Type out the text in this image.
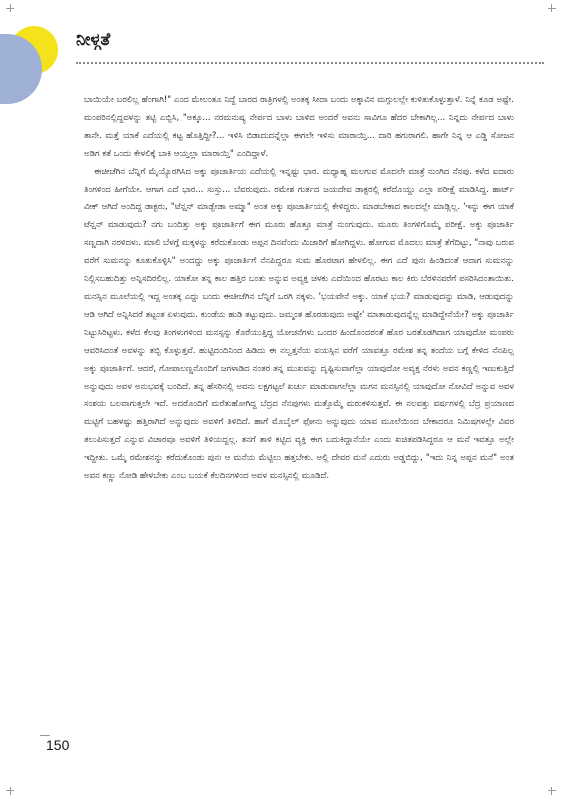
ನೀಳ್ಗತೆ

ಬಾಯಿಯೇ ಬರಲಿಲ್ಲ ಹೆಂಗಾಗಿ!" ಎಂದ ಮೇಲಂತೂ ನಿದ್ದೆ ಬಾರದ ರಾತ್ರಿಗಳಲ್ಲಿ ಅಂತಕ್ಕ ಸೀದಾ ಬಂದು ಅಕ್ಕಾವಿನ ಮಗ್ಗುಲಲ್ಲೇ ಕುಳಿತುಕೊಳ್ಳುತ್ತಾಳೆ. ನಿನ್ನೆ ಕೂಡ ಅಷ್ಟೇ. ಮಂಪರಿನಲ್ಲಿದ್ದವಳನ್ನು ತಟ್ಟಿ ಎಬ್ಬಿಸಿ, "ಅಕ್ಕೂ... ನರಮನುಷ್ಯ ನೇರ್ಪದ ಬಾಳು ಬಾಳಿದ ಅಂದರೆ ಅವನು ಸಾವಿಗೂ ಹೆದರ ಬೇಕಾಗಿಲ್ಲ... ನಿನ್ನದು ನೇರ್ಪದ ಬಾಳು ತಾನೇ. ಮತ್ತೆ ಯಾಕೆ ಎದೆಯಲ್ಲಿ ಕಟ್ಟ ಹೊತ್ತಿದ್ದೀ?... ಇಳಿಸಿ ಬಿಡಾದುದನ್ನೆಲ್ಲಾ ಈಗಲೇ ಇಳಿಸು ಮಾರಾಯ್ತಿ... ದಾರಿ ಹಗುರಾಗಲಿ. ಹಾಗೇ ನಿನ್ನ ಆ ಎಡ್ಡಿ ಸೋಜನ ಅಡಿಗ ಕತೆ ಒಂದು ಕೇಳಲಿಕ್ಕೆ ಬಾಕಿ ಆಯ್ತಲ್ಲಾ ಮಾರಾಯ್ತಿ" ಎಂದಿದ್ದಾಳೆ.

ಈಚೀಚೆಗಿನ ಬೆನ್ನಿಗೆ ಮೈಯ್ಯೊರಗಿಸಿದ ಅಕ್ಕು ಪೂಜಾರ್ತಿಯ ಎದೆಯಲ್ಲಿ ಇನ್ನಷ್ಟು ಭಾರ. ಮಧ್ಯಾಹ್ನ ಮಲಗುವ ಮೊದಲೇ ಮಾತ್ರೆ ನುಂಗಿದ ನೆನಪು. ಕಳೆದ ಐದಾರು ತಿಂಗಳಿಂದ ಹೀಗೆಯೇ. ಆಗಾಗ ಎದೆ ಭಾರ... ಸುಸ್ತು... ಬೆವರುವುದು. ರಮೇಶ ಗುರ್ತದ ಜಯದೇವ ಡಾಕ್ಟರಲ್ಲಿ ಕರೆದೊಯ್ದು ಎಲ್ಲಾ ಪರೀಕ್ಷೆ ಮಾಡಿಸಿದ್ದ. ಹಾರ್ಟ್ ವೀಕ್ ಆಗಿದೆ ಅಂದಿದ್ದ ಡಾಕ್ಟರು, "ಟೆನ್ಷನ್ ಮಾಡ್ಬೇಡಾ ಅಮ್ಮಾ" ಅಂತ ಅಕ್ಕು ಪೂಜಾರ್ತಿಯಲ್ಲಿ ಕೇಳಿದ್ದರು. ಮಾಡಬೇಕಾದ ಕಾಲದಲ್ಲೇ ಮಾಡ್ಲಿಲ್ಲ. 'ಇನ್ನು ಈಗ ಯಾಕೆ ಟೆನ್ಷನ್ ಮಾಡುವುದು? ನಗು ಬಂದಿತ್ತು ಅಕ್ಕು ಪೂಜಾರ್ತಿಗೆ ಈಗ ಮೂರು ಹೊತ್ತೂ ಮಾತ್ರೆ ನುಂಗುವುದು. ಮೂರು ತಿಂಗಳಿಗೊಮ್ಮೆ ಪರೀಕ್ಷೆ. ಅಕ್ಕು ಪೂಜಾರ್ತಿ ಸಣ್ಣದಾಗಿ ನರಳಿದಳು. ಮಾಲಿ ಬೆಳಗ್ಗೆ ಮಕ್ಕಳನ್ನು ಕರೆದುಕೊಂಡು ಅಪ್ಪನ ದಿನವೆಂದು ಮಿಜಾರಿಗೆ ಹೋಗಿದ್ದಳು. ಹೋಗುವ ಮೊದಲು ಮಾತ್ರೆ ತೆಗೆದಿಟ್ಟು, "ನಾವು ಬರುವ ವರೆಗೆ ಸುಮನನ್ನು ಕೂತುಕೊಳ್ಳಿಸಿ" ಅಂದದ್ದು ಅಕ್ಕು ಪೂಜಾರ್ತಿಗೆ ನೆನಪಿದ್ದರೂ ಸುಮ ಹೊರಟಾಗ ಹೇಳಲಿಲ್ಲ. ಈಗ ಎದೆ ಪುನಃ ಹಿಂಡಿದಂತೆ ಆದಾಗ ಸುಮನನ್ನು ನಿಲ್ಲಿಸಬಹುದಿತ್ತು ಅನ್ನಿಸದಿರಲಿಲ್ಲ. ಯಾಕೋ ತನ್ನ ಕಾಲ ಹತ್ತಿರ ಬಂತು ಅನ್ನುವ ಅವ್ಯಕ್ತ ಚಳಕು ಎದೆಯಿಂದ ಹೊರಟು ಕಾಲ ಕಿರು ಬೆರಳಿನವರೆಗೆ ಪಸರಿಸಿದಂತಾಯಿತು. ಮನಸ್ಸಿನ ಮೂಲೆಯಲ್ಲಿ ಇದ್ದ ಅಂತಕ್ಕ ಎದ್ದು ಬಂದು ಈಚೀಚೆಗಿನ ಬೆನ್ನಿಗೆ ಒರಗಿ ನಕ್ಕಳು. 'ಭಯವೇನೆ ಅಕ್ಕು. ಯಾಕೆ ಭಯ? ಮಾಡುವುದನ್ನು ಮಾಡಿ, ಆಡುವುದನ್ನು ಆಡಿ ಆಗಿದೆ ಅನ್ನಿಸಿದರೆ ತಟ್ಟಂತ ಏಳುವುದು. ಕುಂಡೆಯ ಹುಡಿ ತಟ್ಟುವುದು. ಜಮ್ಮಂತ ಹೊರಡುವುದು ಅಷ್ಟೇ' ಮಾತಾಡುವುದನ್ನೆಲ್ಲ ಮಾಡಿದ್ದೇನೆಯೇ? ಅಕ್ಕು ಪೂಜಾರ್ತಿ ನಿಟ್ಟುಸಿರಿಟ್ಟಳು. ಕಳೆದ ಕೆಲವು ತಿಂಗಳುಗಳಿಂದ ಮನಸ್ಸನ್ನು ಕೊರೆಯುತ್ತಿದ್ದ ಯೋಚನೆಗಳು ಒಂದರ ಹಿಂದೊಂದರಂತೆ ಹೊರ ಬರತೊಡಗಿದಾಗ ಯಾವುದೋ ಮಂಪರು ಆವರಿಸಿದಂತೆ ಅವಳನ್ನು ತಬ್ಬಿ ಕೊಳ್ಳುತ್ತವೆ. ಹುಟ್ಟಿದಂದಿನಿಂದ ಹಿಡಿದು ಈ ನಲ್ವತ್ತನೆಯ ವಯಸ್ಸಿನ ವರೆಗೆ ಯಾವತ್ತೂ ರಮೇಶ ತನ್ನ ತಂದೆಯ ಬಗ್ಗೆ ಕೇಳಿದ ನೆನಪಿಲ್ಲ ಅಕ್ಕು ಪೂಜಾರ್ತಿಗೆ. ಆದರೆ, ಗೋಪಾಲಣ್ಣನೊಂದಿಗೆ ಜಗಳಾಡಿದ ನಂತರ ತನ್ನ ಮುಖವನ್ನು ದೃಷ್ಟಿಸುವಾಗೆಲ್ಲಾ ಯಾವುದೋ ಅವ್ಯಕ್ತ ನೆರಳು ಅವನ ಕಣ್ಣಲ್ಲಿ ಇಣುಕುತ್ತಿದೆ ಅನ್ನುವುದು ಅವಳ ಅನುಭವಕ್ಕೆ ಬಂದಿದೆ. ತನ್ನ ಹೆಸರಿನಲ್ಲಿ ಅವನು ಲಕ್ಷಗಟ್ಟಲೆ ಖರ್ಚು ಮಾಡುವಾಗಲೆಲ್ಲಾ ಮಗನ ಮನಸ್ಸಿನಲ್ಲಿ ಯಾವುದೋ ನೋವಿದೆ ಅನ್ನುವ ಅವಳ ಸಂಶಯ ಬಲವಾಗುತ್ತಲೇ ಇದೆ. ಅದರೊಂದಿಗೆ ಮರೆತುಹೋಗಿದ್ದ ಬೆದ್ರದ ನೆನಪುಗಳು ಮತ್ತೊಮ್ಮೆ ಮರುಕಳಿಸುತ್ತವೆ. ಈ ನಲವತ್ತು ವರ್ಷಗಳಲ್ಲಿ ಬೆದ್ರ ಪ್ರಯಾಣದ ಮಟ್ಟಿಗೆ ಬಹಳಷ್ಟು ಹತ್ತಿರಾಗಿದೆ ಅನ್ನುವುದು ಅವಳಿಗೆ ತಿಳಿದಿದೆ. ಹಾಗೆ ಮೊಬೈಲ್ ಫೋನು ಅನ್ನುವುದು ಯಾವ ಮೂಲೆಯಿಂದ ಬೇಕಾದರೂ ನಿಮಿಷಗಳಲ್ಲೇ ವಿವರ ತಲುಪಿಸುತ್ತದೆ ಎನ್ನುವ ವಿಚಾರವೂ ಅವಳಿಗೆ ತಿಳಿಯದ್ದಲ್ಲ. ತನಗೆ ತಾಳಿ ಕಟ್ಟಿದ ವ್ಯಕ್ತಿ ಈಗ ಬದುಕಿದ್ದಾನೆಯೇ ಎಂದು ಖಚಿತಪಡಿಸಿದ್ದರೂ ಆ ಮನೆ ಇವತ್ತೂ ಅಲ್ಲೇ ಇದ್ದೀತು. ಒಮ್ಮೆ ರಮೇಶನನ್ನು ಕರೆದುಕೊಂಡು ಪುನಃ ಆ ಮನೆಯ ಮೆಟ್ಟಿಲು ಹತ್ತಬೇಕು. ಅಲ್ಲಿ ದೇವರ ಮನೆ ಎದುರು ಅಡ್ಡಬಿದ್ದು, "ಇದು ನಿನ್ನ ಅಪ್ಪನ ಮನೆ" ಅಂತ ಅವನ ಕಣ್ಣು ನೋಡಿ ಹೇಳಬೇಕು ಎಂಬ ಬಯಕೆ ಕೆಲದಿನಗಳಿಂದ ಅವಳ ಮನಸ್ಸಿನಲ್ಲಿ ಮೂಡಿದೆ.

150
